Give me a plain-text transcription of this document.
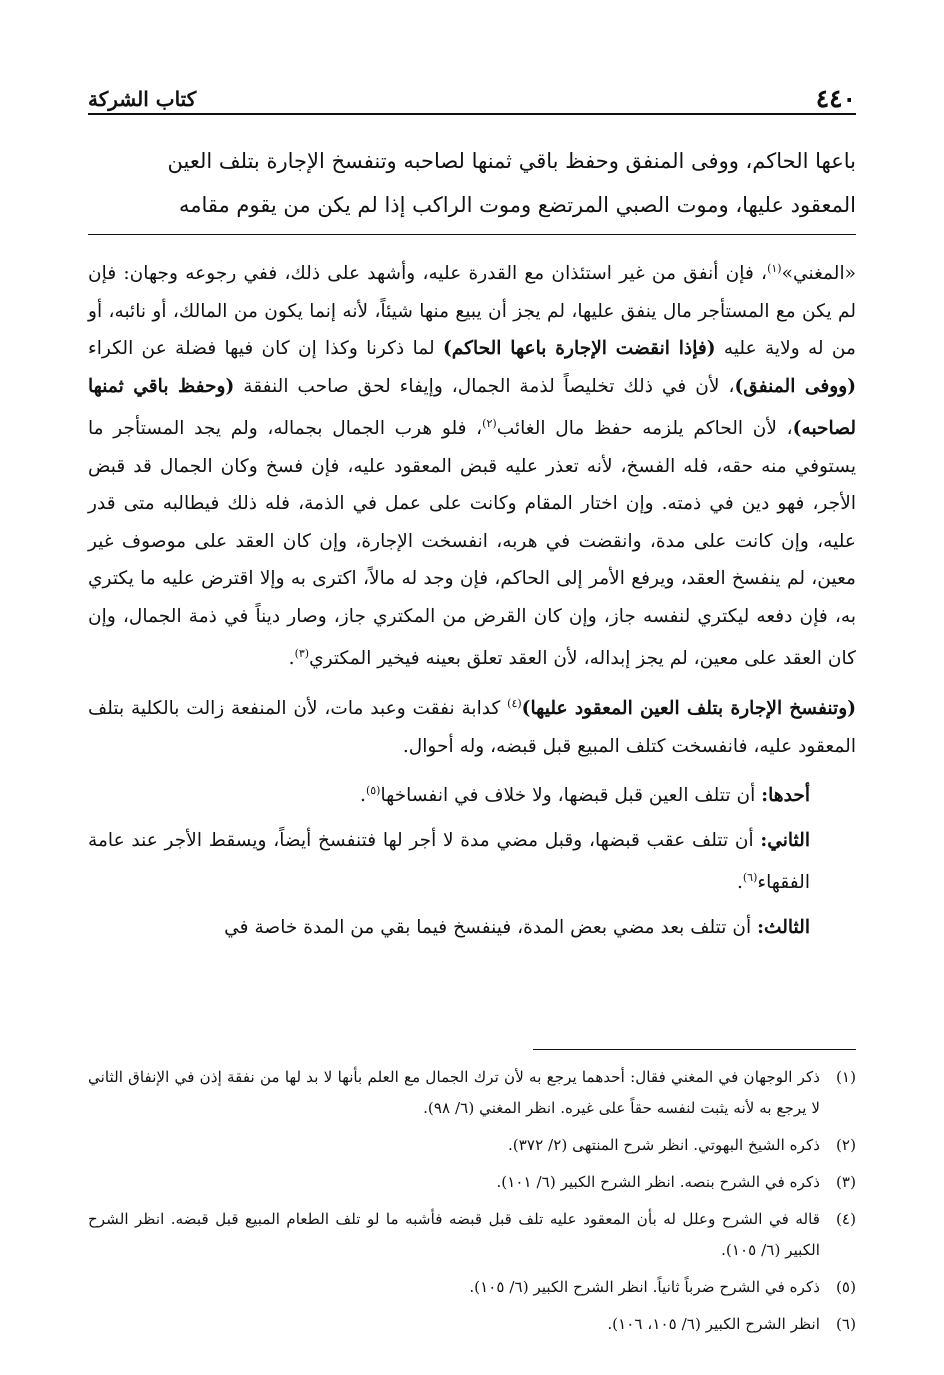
٤٤٠
كتاب الشركة

باعها الحاكم، ووفى المنفق وحفظ باقي ثمنها لصاحبه وتنفسخ الإجارة بتلف العين

المعقود عليها، وموت الصبي المرتضع وموت الراكب إذا لم يكن من يقوم مقامه

«المغني»$^{(١)}$، فإن أنفق من غير استئذان مع القدرة عليه، وأشهد على ذلك، ففي رجوعه وجهان: فإن لم يكن مع المستأجر مال ينفق عليها، لم يجز أن يبيع منها شيئاً، لأنه إنما يكون من المالك، أو نائبه، أو من له ولاية عليه (فإذا انقضت الإجارة باعها الحاكم) لما ذكرنا وكذا إن كان فيها فضلة عن الكراء (ووفى المنفق)، لأن في ذلك تخليصاً لذمة الجمال، وإيفاء لحق صاحب النفقة (وحفظ باقي ثمنها لصاحبه)، لأن الحاكم يلزمه حفظ مال الغائب$^{(٢)}$، فلو هرب الجمال بجماله، ولم يجد المستأجر ما يستوفي منه حقه، فله الفسخ، لأنه تعذر عليه قبض المعقود عليه، فإن فسخ وكان الجمال قد قبض الأجر، فهو دين في ذمته. وإن اختار المقام وكانت على عمل في الذمة، فله ذلك فيطالبه متى قدر عليه، وإن كانت على مدة، وانقضت في هربه، انفسخت الإجارة، وإن كان العقد على موصوف غير معين، لم ينفسخ العقد، ويرفع الأمر إلى الحاكم، فإن وجد له مالاً، اكترى به وإلا اقترض عليه ما يكتري به، فإن دفعه ليكتري لنفسه جاز، وإن كان القرض من المكتري جاز، وصار ديناً في ذمة الجمال، وإن كان العقد على معين، لم يجز إبداله، لأن العقد تعلق بعينه فيخير المكتري$^{(٣)}$.

(وتنفسخ الإجارة بتلف العين المعقود عليها)$^{(٤)}$ كدابة نفقت وعبد مات، لأن المنفعة زالت بالكلية بتلف المعقود عليه، فانفسخت كتلف المبيع قبل قبضه، وله أحوال.

أحدها: أن تتلف العين قبل قبضها، ولا خلاف في انفساخها$^{(٥)}$.

الثاني: أن تتلف عقب قبضها، وقبل مضي مدة لا أجر لها فتنفسخ أيضاً، ويسقط الأجر عند عامة الفقهاء$^{(٦)}$.

الثالث: أن تتلف بعد مضي بعض المدة، فينفسخ فيما بقي من المدة خاصة في

(١)
ذكر الوجهان في المغني فقال: أحدهما يرجع به لأن ترك الجمال مع العلم بأنها لا بد لها من نفقة إذن في الإنفاق الثاني لا يرجع به لأنه يثبت لنفسه حقاً على غيره. انظر المغني (٦/ ٩٨).
(٢)
ذكره الشيخ البهوتي. انظر شرح المنتهى (٢/ ٣٧٢).
(٣)
ذكره في الشرح بنصه. انظر الشرح الكبير (٦/ ١٠١).
(٤)
قاله في الشرح وعلل له بأن المعقود عليه تلف قبل قبضه فأشبه ما لو تلف الطعام المبيع قبل قبضه. انظر الشرح الكبير (٦/ ١٠٥).
(٥)
ذكره في الشرح ضرباً ثانياً. انظر الشرح الكبير (٦/ ١٠٥).
(٦)
انظر الشرح الكبير (٦/ ١٠٥، ١٠٦).
